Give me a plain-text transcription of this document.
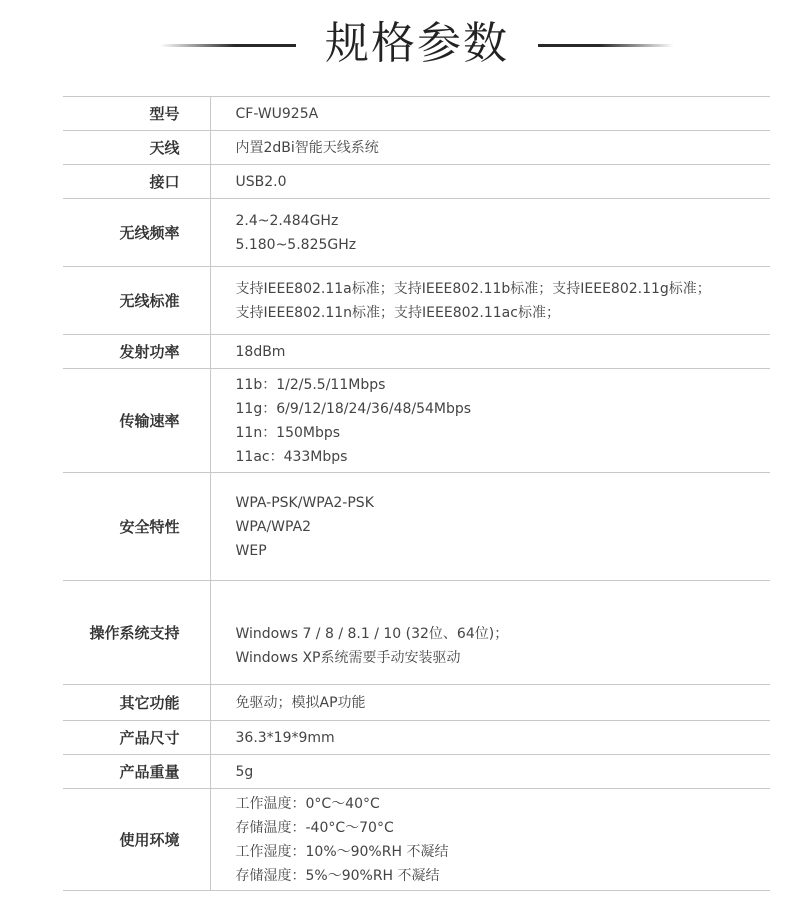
规格参数
型号	CF-WU925A

天线	内置2dBi智能天线系统

接口	USB2.0

无线频率	2.4~2.484GHz
5.180~5.825GHz

无线标准	支持IEEE802.11a标准；支持IEEE802.11b标准；支持IEEE802.11g标准；
支持IEEE802.11n标准；支持IEEE802.11ac标准；

发射功率	18dBm

传输速率	11b：1/2/5.5/11Mbps
11g：6/9/12/18/24/36/48/54Mbps
11n：150Mbps
11ac：433Mbps

安全特性	WPA-PSK/WPA2-PSK
WPA/WPA2
WEP

操作系统支持	Windows 7 / 8 / 8.1 / 10 (32位、64位)；
Windows XP系统需要手动安装驱动

其它功能	免驱动；模拟AP功能

产品尺寸	36.3*19*9mm

产品重量	5g

使用环境	工作温度：0°C～40°C
存储温度：-40°C～70°C
工作湿度：10%～90%RH 不凝结
存储湿度：5%～90%RH 不凝结
